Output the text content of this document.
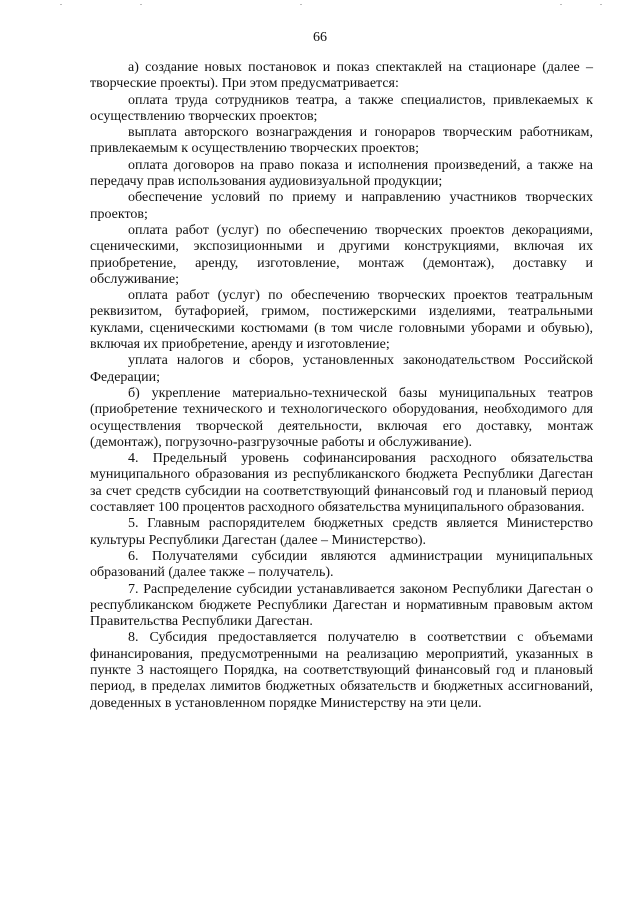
66

а) создание новых постановок и показ спектаклей на стационаре (далее – творческие проекты). При этом предусматривается:

оплата труда сотрудников театра, а также специалистов, привлекаемых к осуществлению творческих проектов;

выплата авторского вознаграждения и гонораров творческим работникам, привлекаемым к осуществлению творческих проектов;

оплата договоров на право показа и исполнения произведений, а также на передачу прав использования аудиовизуальной продукции;

обеспечение условий по приему и направлению участников творческих проектов;

оплата работ (услуг) по обеспечению творческих проектов декорациями, сценическими, экспозиционными и другими конструкциями, включая их приобретение, аренду, изготовление, монтаж (демонтаж), доставку и обслуживание;

оплата работ (услуг) по обеспечению творческих проектов театральным реквизитом, бутафорией, гримом, постижерскими изделиями, театральными куклами, сценическими костюмами (в том числе головными уборами и обувью), включая их приобретение, аренду и изготовление;

уплата налогов и сборов, установленных законодательством Российской Федерации;

б) укрепление материально-технической базы муниципальных театров (приобретение технического и технологического оборудования, необходимого для осуществления творческой деятельности, включая его доставку, монтаж (демонтаж), погрузочно-разгрузочные работы и обслуживание).

4. Предельный уровень софинансирования расходного обязательства муниципального образования из республиканского бюджета Республики Дагестан за счет средств субсидии на соответствующий финансовый год и плановый период составляет 100 процентов расходного обязательства муниципального образования.

5. Главным распорядителем бюджетных средств является Министерство культуры Республики Дагестан (далее – Министерство).

6. Получателями субсидии являются администрации муниципальных образований (далее также – получатель).

7. Распределение субсидии устанавливается законом Республики Дагестан о республиканском бюджете Республики Дагестан и нормативным правовым актом Правительства Республики Дагестан.

8. Субсидия предоставляется получателю в соответствии с объемами финансирования, предусмотренными на реализацию мероприятий, указанных в пункте 3 настоящего Порядка, на соответствующий финансовый год и плановый период, в пределах лимитов бюджетных обязательств и бюджетных ассигнований, доведенных в установленном порядке Министерству на эти цели.
